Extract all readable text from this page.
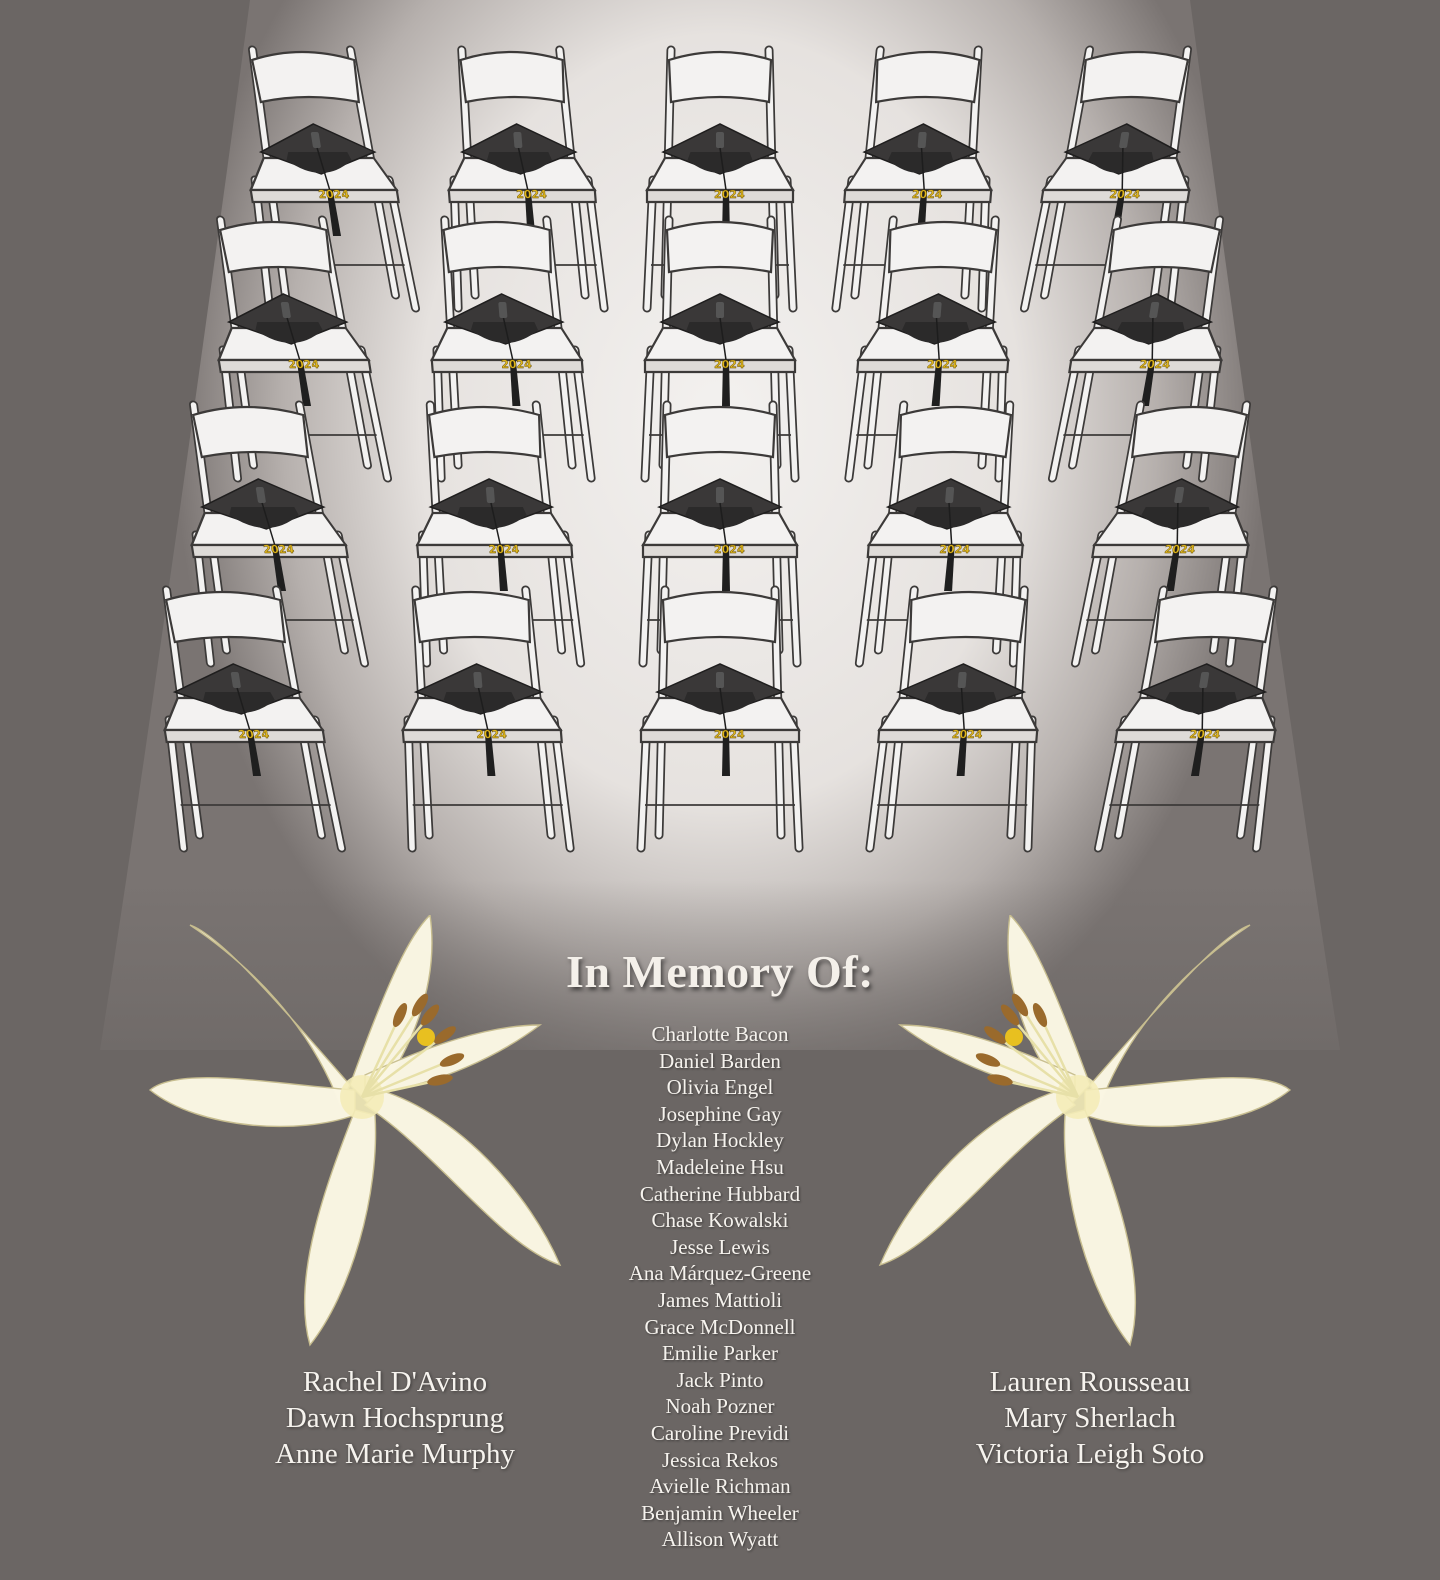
2024	2024	2024	2024	2024
2024	2024	2024	2024	2024
2024	2024	2024	2024	2024
2024	2024	2024	2024	2024
In Memory Of:
Charlotte Bacon
Daniel Barden
Olivia Engel
Josephine Gay
Dylan Hockley
Madeleine Hsu
Catherine Hubbard
Chase Kowalski
Jesse Lewis
Ana Márquez-Greene
James Mattioli
Grace McDonnell
Emilie Parker
Jack Pinto
Noah Pozner
Caroline Previdi
Jessica Rekos
Avielle Richman
Benjamin Wheeler
Allison Wyatt
Rachel D'Avino
Dawn Hochsprung
Anne Marie Murphy
Lauren Rousseau
Mary Sherlach
Victoria Leigh Soto
